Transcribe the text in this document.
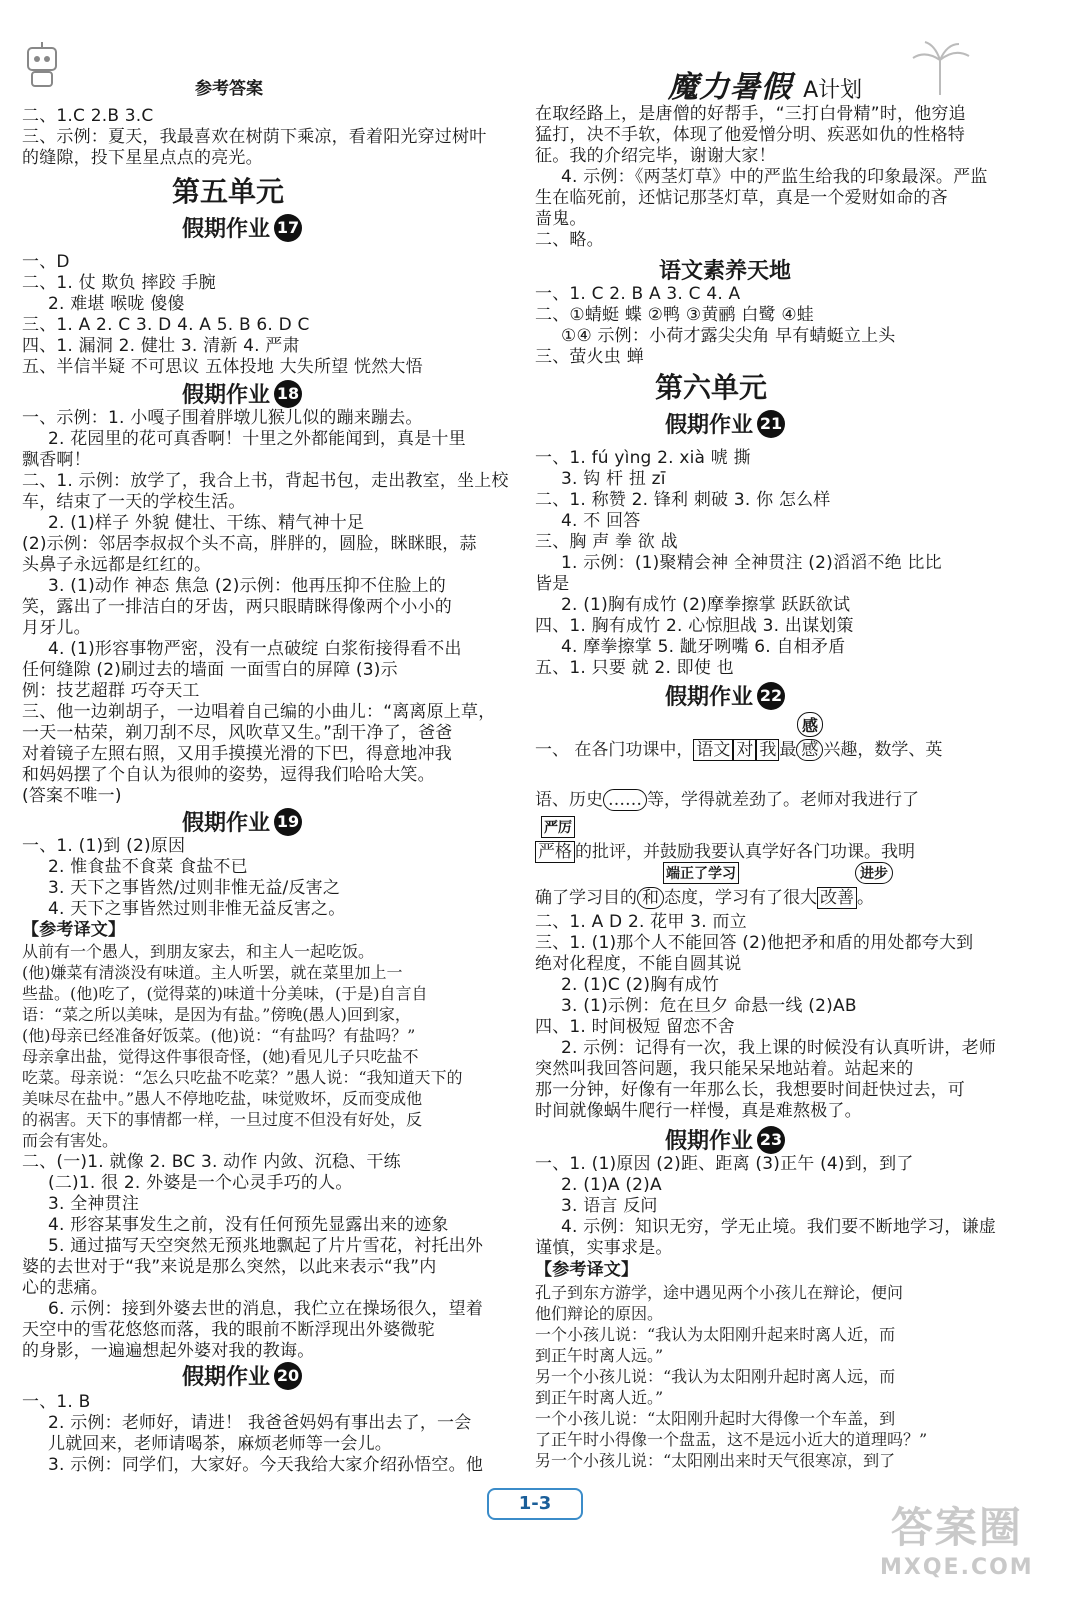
参考答案	魔力暑假 A计划
二、1.C 2.B 3.C
三、示例：夏天，我最喜欢在树荫下乘凉，看着阳光穿过树叶
的缝隙，投下星星点点的亮光。
第五单元
假期作业 17
一、D
二、1. 仗 欺负 摔跤 手腕
2. 难堪 喉咙 傻傻
三、1. A 2. C 3. D 4. A 5. B 6. D C
四、1. 漏洞 2. 健壮 3. 清新 4. 严肃
五、半信半疑 不可思议 五体投地 大失所望 恍然大悟
假期作业 18
一、示例：1. 小嘎子围着胖墩儿猴儿似的蹦来蹦去。
2. 花园里的花可真香啊！十里之外都能闻到，真是十里
飘香啊！
二、1. 示例：放学了，我合上书，背起书包，走出教室，坐上校
车，结束了一天的学校生活。
2. (1)样子 外貌 健壮、干练、精气神十足
(2)示例：邻居李叔叔个头不高，胖胖的，圆脸，眯眯眼，蒜
头鼻子永远都是红红的。
3. (1)动作 神态 焦急 (2)示例：他再压抑不住脸上的
笑，露出了一排洁白的牙齿，两只眼睛眯得像两个小小的
月牙儿。
4. (1)形容事物严密，没有一点破绽 白浆衔接得看不出
任何缝隙 (2)刷过去的墙面 一面雪白的屏障 (3)示
例：技艺超群 巧夺天工
三、他一边剃胡子，一边唱着自己编的小曲儿：“离离原上草，
一天一枯荣，剃刀刮不尽，风吹草又生。”刮干净了，爸爸
对着镜子左照右照，又用手摸摸光滑的下巴，得意地冲我
和妈妈摆了个自认为很帅的姿势，逗得我们哈哈大笑。
(答案不唯一)
假期作业 19
一、1. (1)到 (2)原因
2. 惟食盐不食菜 食盐不已
3. 天下之事皆然/过则非惟无益/反害之
4. 天下之事皆然过则非惟无益反害之。
【参考译文】
从前有一个愚人，到朋友家去，和主人一起吃饭。
(他)嫌菜有清淡没有味道。主人听罢，就在菜里加上一
些盐。(他)吃了，(觉得菜的)味道十分美味，(于是)自言自
语：“菜之所以美味，是因为有盐。”傍晚(愚人)回到家，
(他)母亲已经准备好饭菜。(他)说：“有盐吗？有盐吗？”
母亲拿出盐，觉得这件事很奇怪，(她)看见儿子只吃盐不
吃菜。母亲说：“怎么只吃盐不吃菜？”愚人说：“我知道天下的
美味尽在盐中。”愚人不停地吃盐，味觉败坏，反而变成他
的祸害。天下的事情都一样，一旦过度不但没有好处，反
而会有害处。
二、(一)1. 就像 2. BC 3. 动作 内敛、沉稳、干练
(二)1. 很 2. 外婆是一个心灵手巧的人。
3. 全神贯注
4. 形容某事发生之前，没有任何预先显露出来的迹象
5. 通过描写天空突然无预兆地飘起了片片雪花，衬托出外
婆的去世对于“我”来说是那么突然，以此来表示“我”内
心的悲痛。
6. 示例：接到外婆去世的消息，我伫立在操场很久，望着
天空中的雪花悠悠而落，我的眼前不断浮现出外婆微驼
的身影，一遍遍想起外婆对我的教诲。
假期作业 20
一、1. B
2. 示例：老师好，请进！ 我爸爸妈妈有事出去了，一会
儿就回来，老师请喝茶，麻烦老师等一会儿。
3. 示例：同学们，大家好。今天我给大家介绍孙悟空。他
在取经路上，是唐僧的好帮手，“三打白骨精”时，他穷追
猛打，决不手软，体现了他爱憎分明、疾恶如仇的性格特
征。我的介绍完毕，谢谢大家！
4. 示例：《两茎灯草》中的严监生给我的印象最深。严监
生在临死前，还惦记那茎灯草，真是一个爱财如命的吝
啬鬼。
二、略。
语文素养天地
一、1. C 2. B A 3. C 4. A
二、①蜻蜓 蝶 ②鸭 ③黄鹂 白鹭 ④蛙
①④ 示例：小荷才露尖尖角 早有蜻蜓立上头
三、萤火虫 蝉
第六单元
假期作业 21
一、1. fú yìng 2. xià 唬 撕
3. 钩 杆 扭 zī
二、1. 称赞 2. 锋利 刺破 3. 你 怎么样
4. 不 回答
三、胸 声 拳 欲 战
1. 示例：(1)聚精会神 全神贯注 (2)滔滔不绝 比比
皆是
2. (1)胸有成竹 (2)摩拳擦掌 跃跃欲试
四、1. 胸有成竹 2. 心惊胆战 3. 出谋划策
4. 摩拳擦掌 5. 龇牙咧嘴 6. 自相矛盾
五、1. 只要 就 2. 即使 也
假期作业 22
感
一、 在各门功课中， 语文 对 我 最 感 兴趣，数学、英
语、历史 …… 等，学得就差劲了。老师对我进行了
严厉
严格 的批评，并鼓励我要认真学好各门功课。我明
端正了学习	进步
确了学习目的 和 态度，学习有了很大 改善 。
二、1. A D 2. 花甲 3. 而立
三、1. (1)那个人不能回答 (2)他把矛和盾的用处都夸大到
绝对化程度，不能自圆其说
2. (1)C (2)胸有成竹
3. (1)示例：危在旦夕 命悬一线 (2)AB
四、1. 时间极短 留恋不舍
2. 示例：记得有一次，我上课的时候没有认真听讲，老师
突然叫我回答问题，我只能呆呆地站着。站起来的
那一分钟，好像有一年那么长，我想要时间赶快过去，可
时间就像蜗牛爬行一样慢，真是难熬极了。
假期作业 23
一、1. (1)原因 (2)距、距离 (3)正午 (4)到，到了
2. (1)A (2)A
3. 语言 反问
4. 示例：知识无穷，学无止境。我们要不断地学习，谦虚
谨慎，实事求是。
【参考译文】
孔子到东方游学，途中遇见两个小孩儿在辩论，便问
他们辩论的原因。
一个小孩儿说：“我认为太阳刚升起来时离人近，而
到正午时离人远。”
另一个小孩儿说：“我认为太阳刚升起时离人远，而
到正午时离人近。”
一个小孩儿说：“太阳刚升起时大得像一个车盖，到
了正午时小得像一个盘盂，这不是远小近大的道理吗？”
另一个小孩儿说：“太阳刚出来时天气很寒凉，到了
1-3	答案圈
MXQE.COM
